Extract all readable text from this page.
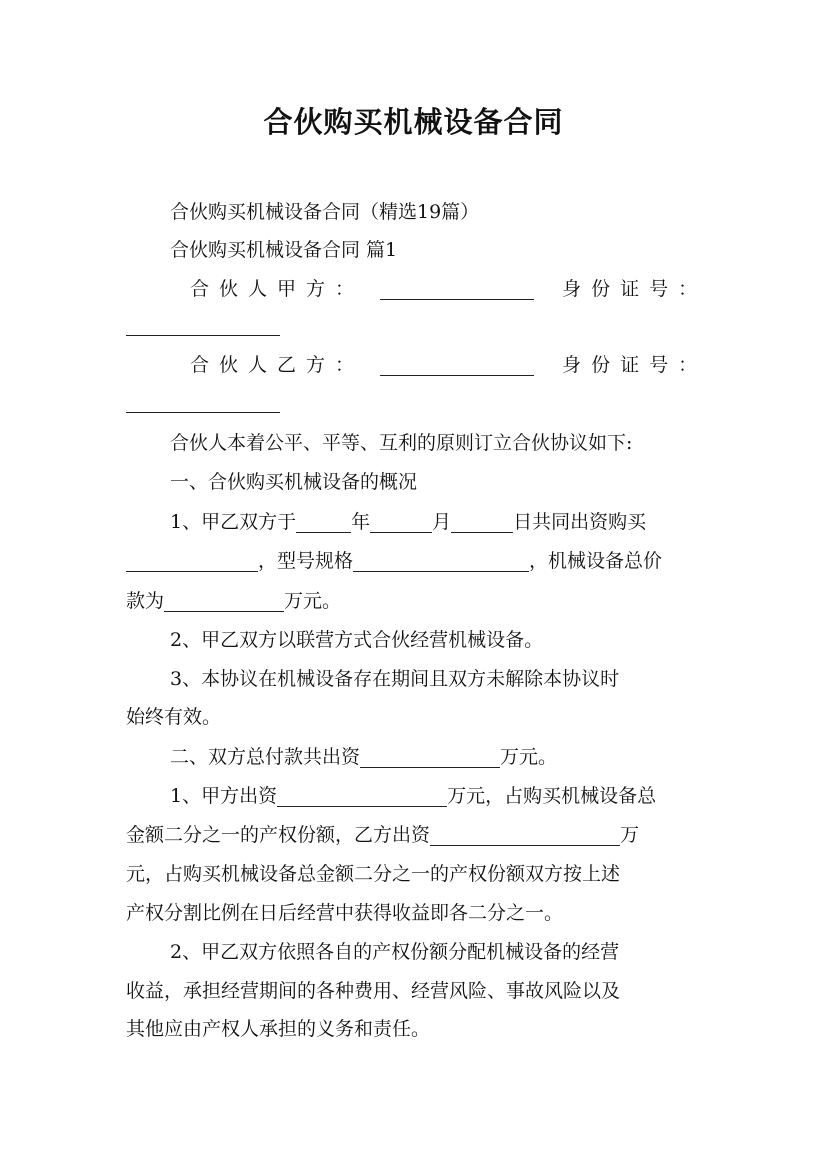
合伙购买机械设备合同
合伙购买机械设备合同（精选19篇）
合伙购买机械设备合同 篇1
合伙人甲方：	身份证号：
合伙人乙方：	身份证号：
合伙人本着公平、平等、互利的原则订立合伙协议如下:
一、合伙购买机械设备的概况
1、甲乙双方于	年	月	日共同出资购买
，型号规格	，机械设备总价
款为	万元。
2、甲乙双方以联营方式合伙经营机械设备。
3、本协议在机械设备存在期间且双方未解除本协议时
始终有效。
二、双方总付款共出资	万元。
1、甲方出资	万元，占购买机械设备总
金额二分之一的产权份额，乙方出资	万
元，占购买机械设备总金额二分之一的产权份额双方按上述
产权分割比例在日后经营中获得收益即各二分之一。
2、甲乙双方依照各自的产权份额分配机械设备的经营
收益，承担经营期间的各种费用、经营风险、事故风险以及
其他应由产权人承担的义务和责任。
